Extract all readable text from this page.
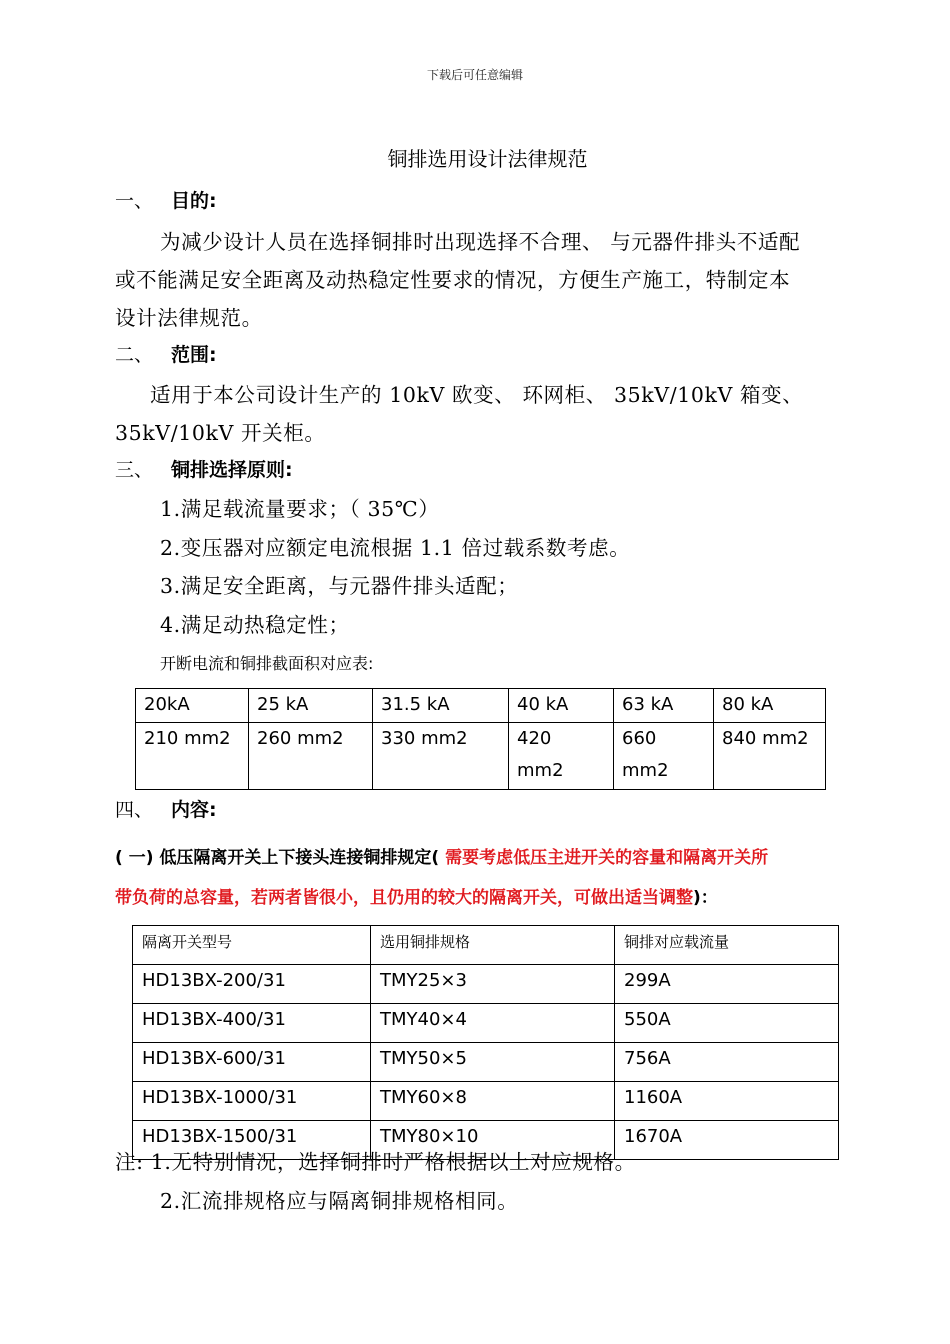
下载后可任意编辑
铜排选用设计法律规范
一、 目的:
为减少设计人员在选择铜排时出现选择不合理、 与元器件排头不适配
或不能满足安全距离及动热稳定性要求的情况，方便生产施工，特制定本
设计法律规范。
二、 范围:
适用于本公司设计生产的 10kV 欧变、 环网柜、 35kV/10kV 箱变、
35kV/10kV 开关柜。
三、 铜排选择原则:
1.满足载流量要求；（ 35℃）
2.变压器对应额定电流根据 1.1 倍过载系数考虑。
3.满足安全距离，与元器件排头适配；
4.满足动热稳定性；
开断电流和铜排截面积对应表:
20kA	25 kA	31.5 kA	40 kA	63 kA	80 kA
210 mm2	260 mm2	330 mm2	420 mm2	660 mm2	840 mm2
四、 内容:
( 一) 低压隔离开关上下接头连接铜排规定( 需要考虑低压主进开关的容量和隔离开关所
带负荷的总容量，若两者皆很小，且仍用的较大的隔离开关，可做出适当调整)：
隔离开关型号	选用铜排规格	铜排对应载流量
HD13BX-200/31	TMY25×3	299A
HD13BX-400/31	TMY40×4	550A
HD13BX-600/31	TMY50×5	756A
HD13BX-1000/31	TMY60×8	1160A
HD13BX-1500/31	TMY80×10	1670A
注: 1.无特别情况，选择铜排时严格根据以上对应规格。
2.汇流排规格应与隔离铜排规格相同。
